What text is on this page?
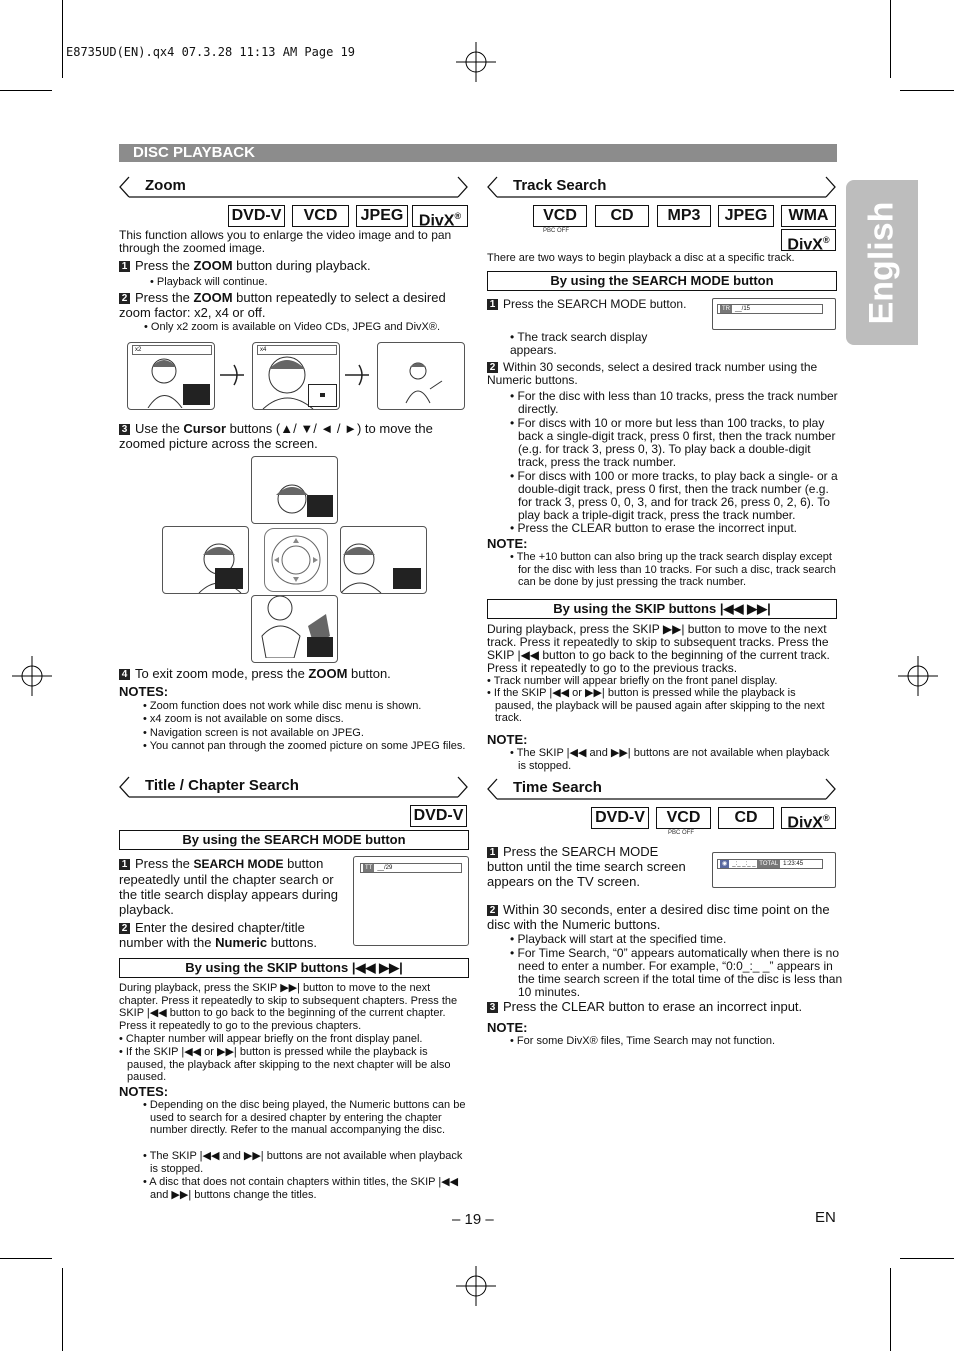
E8735UD(EN).qx4 07.3.28 11:13 AM Page 19
English
DISC PLAYBACK
Zoom
DVD-V	VCD	JPEG DivX®
This function allows you to enlarge the video image and to pan through the zoomed image.
1 Press the ZOOM button during playback.
• Playback will continue.
2 Press the ZOOM button repeatedly to select a desired zoom factor: x2, x4 or off.
• Only x2 zoom is available on Video CDs, JPEG and DivX®.
x2	x4
3 Use the Cursor buttons (▲/ ▼/ ◄ / ►) to move the zoomed picture across the screen.
4 To exit zoom mode, press the ZOOM button.
NOTES:
• Zoom function does not work while disc menu is shown.
• x4 zoom is not available on some discs.
• Navigation screen is not available on JPEG.
• You cannot pan through the zoomed picture on some JPEG files.
Title / Chapter Search
DVD-V
By using the SEARCH MODE button
1 Press the SEARCH MODE button repeatedly until the chapter search or the title search display appears during playback.
TT __/29
2 Enter the desired chapter/title number with the Numeric buttons.
By using the SKIP buttons |◀◀ ▶▶|
During playback, press the SKIP ▶▶| button to move to the next chapter. Press it repeatedly to skip to subsequent chapters. Press the SKIP |◀◀ button to go back to the beginning of the current chapter. Press it repeatedly to go to the previous chapters.
• Chapter number will appear briefly on the front display panel.
• If the SKIP |◀◀ or ▶▶| button is pressed while the playback is paused, the playback after skipping to the next chapter will be also paused.
NOTES:
• Depending on the disc being played, the Numeric buttons can be used to search for a desired chapter by entering the chapter number directly. Refer to the manual accompanying the disc.
• The SKIP |◀◀ and ▶▶| buttons are not available when playback is stopped.
• A disc that does not contain chapters within titles, the SKIP |◀◀ and ▶▶| buttons change the titles.
Track Search
VCD
PBC OFF
CD	MP3	JPEG	WMA
DivX®
There are two ways to begin playback a disc at a specific track.
By using the SEARCH MODE button
1 Press the SEARCH MODE button.
• The track search display appears.
TR __/15
2 Within 30 seconds, select a desired track number using the Numeric buttons.
• For the disc with less than 10 tracks, press the track number directly.
• For discs with 10 or more but less than 100 tracks, to play back a single-digit track, press 0 first, then the track number (e.g. for track 3, press 0, 3). To play back a double-digit track, press the track number.
• For discs with 100 or more tracks, to play back a single- or a double-digit track, press 0 first, then the track number (e.g. for track 3, press 0, 0, 3, and for track 26, press 0, 2, 6). To play back a triple-digit track, press the track number.
• Press the CLEAR button to erase the incorrect input.
NOTE:
• The +10 button can also bring up the track search display except for the disc with less than 10 tracks. For such a disc, track search can be done by just pressing the track number.
By using the SKIP buttons |◀◀ ▶▶|
During playback, press the SKIP ▶▶| button to move to the next track. Press it repeatedly to skip to subsequent tracks. Press the SKIP |◀◀ button to go back to the beginning of the current track. Press it repeatedly to go to the previous tracks.
• Track number will appear briefly on the front panel display.
• If the SKIP |◀◀ or ▶▶| button is pressed while the playback is paused, the playback will be paused again after skipping to the next track.
NOTE:
• The SKIP |◀◀ and ▶▶| buttons are not available when playback is stopped.
Time Search
DVD-V	VCD
PBC OFF
CD	DivX®
1 Press the SEARCH MODE button until the time search screen appears on the TV screen.
◉ _:_ _:_ _ TOTAL 1:23:45
2 Within 30 seconds, enter a desired disc time point on the disc with the Numeric buttons.
• Playback will start at the specified time.
• For Time Search, “0” appears automatically when there is no need to enter a number. For example, “0:0_:_ _” appears in the time search screen if the total time of the disc is less than 10 minutes.
3 Press the CLEAR button to erase an incorrect input.
NOTE:
• For some DivX® files, Time Search may not function.
– 19 –	EN
